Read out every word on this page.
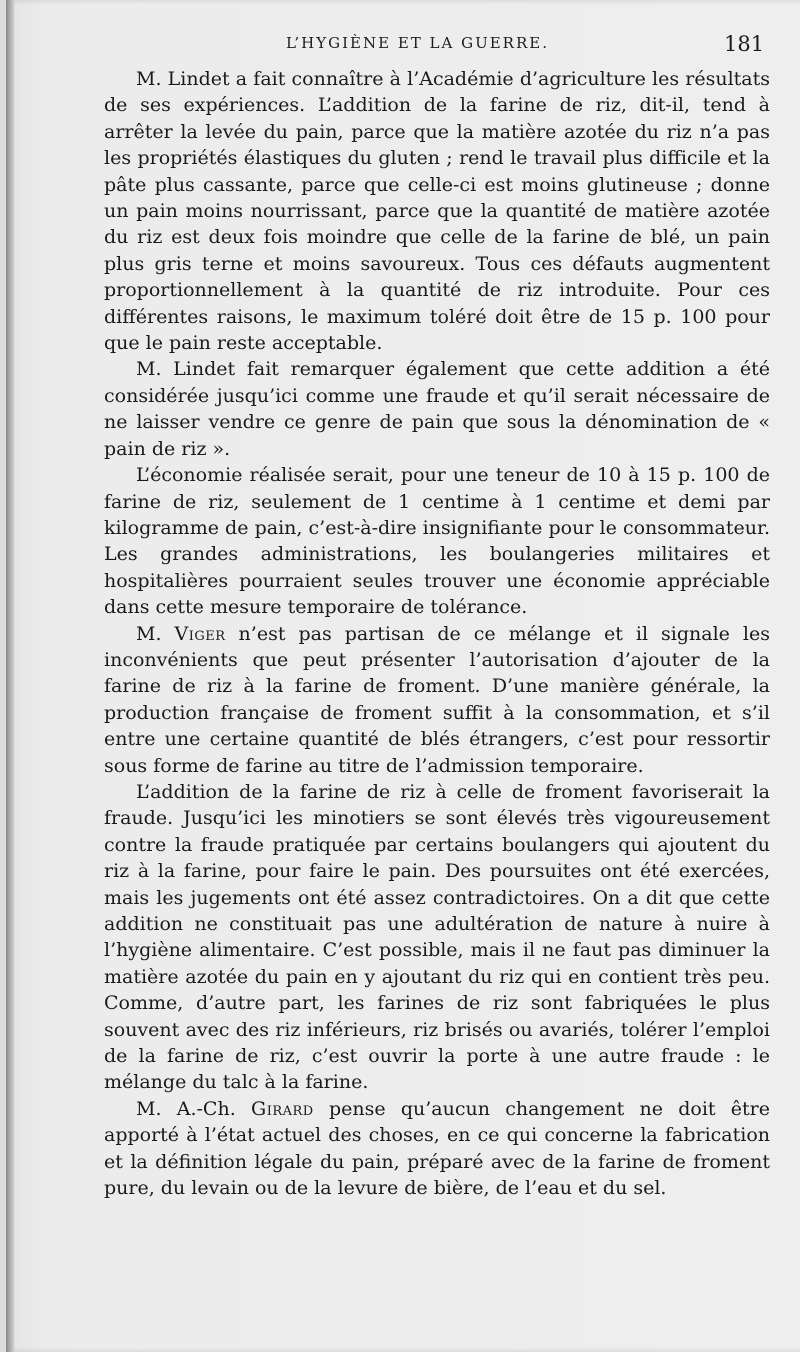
L’HYGIÈNE ET LA GUERRE.	181

M. Lindet a fait connaître à l’Académie d’agriculture les résultats de ses expériences. L’addition de la farine de riz, dit-il, tend à arrêter la levée du pain, parce que la matière azotée du riz n’a pas les propriétés élastiques du gluten ; rend le travail plus difficile et la pâte plus cassante, parce que celle-ci est moins glutineuse ; donne un pain moins nourrissant, parce que la quantité de matière azotée du riz est deux fois moindre que celle de la farine de blé, un pain plus gris terne et moins savoureux. Tous ces défauts augmentent proportionnellement à la quantité de riz introduite. Pour ces différentes raisons, le maximum toléré doit être de 15 p. 100 pour que le pain reste acceptable.

M. Lindet fait remarquer également que cette addition a été considérée jusqu’ici comme une fraude et qu’il serait nécessaire de ne laisser vendre ce genre de pain que sous la dénomination de « pain de riz ».

L’économie réalisée serait, pour une teneur de 10 à 15 p. 100 de farine de riz, seulement de 1 centime à 1 centime et demi par kilogramme de pain, c’est-à-dire insignifiante pour le consommateur. Les grandes administrations, les boulangeries militaires et hospitalières pourraient seules trouver une économie appréciable dans cette mesure temporaire de tolérance.

M. Viger n’est pas partisan de ce mélange et il signale les inconvénients que peut présenter l’autorisation d’ajouter de la farine de riz à la farine de froment. D’une manière générale, la production française de froment suffit à la consommation, et s’il entre une certaine quantité de blés étrangers, c’est pour ressortir sous forme de farine au titre de l’admission temporaire.

L’addition de la farine de riz à celle de froment favoriserait la fraude. Jusqu’ici les minotiers se sont élevés très vigoureusement contre la fraude pratiquée par certains boulangers qui ajoutent du riz à la farine, pour faire le pain. Des poursuites ont été exercées, mais les jugements ont été assez contradictoires. On a dit que cette addition ne constituait pas une adultération de nature à nuire à l’hygiène alimentaire. C’est possible, mais il ne faut pas diminuer la matière azotée du pain en y ajoutant du riz qui en contient très peu. Comme, d’autre part, les farines de riz sont fabriquées le plus souvent avec des riz inférieurs, riz brisés ou avariés, tolérer l’emploi de la farine de riz, c’est ouvrir la porte à une autre fraude : le mélange du talc à la farine.

M. A.-Ch. Girard pense qu’aucun changement ne doit être apporté à l’état actuel des choses, en ce qui concerne la fabrication et la définition légale du pain, préparé avec de la farine de froment pure, du levain ou de la levure de bière, de l’eau et du sel.
